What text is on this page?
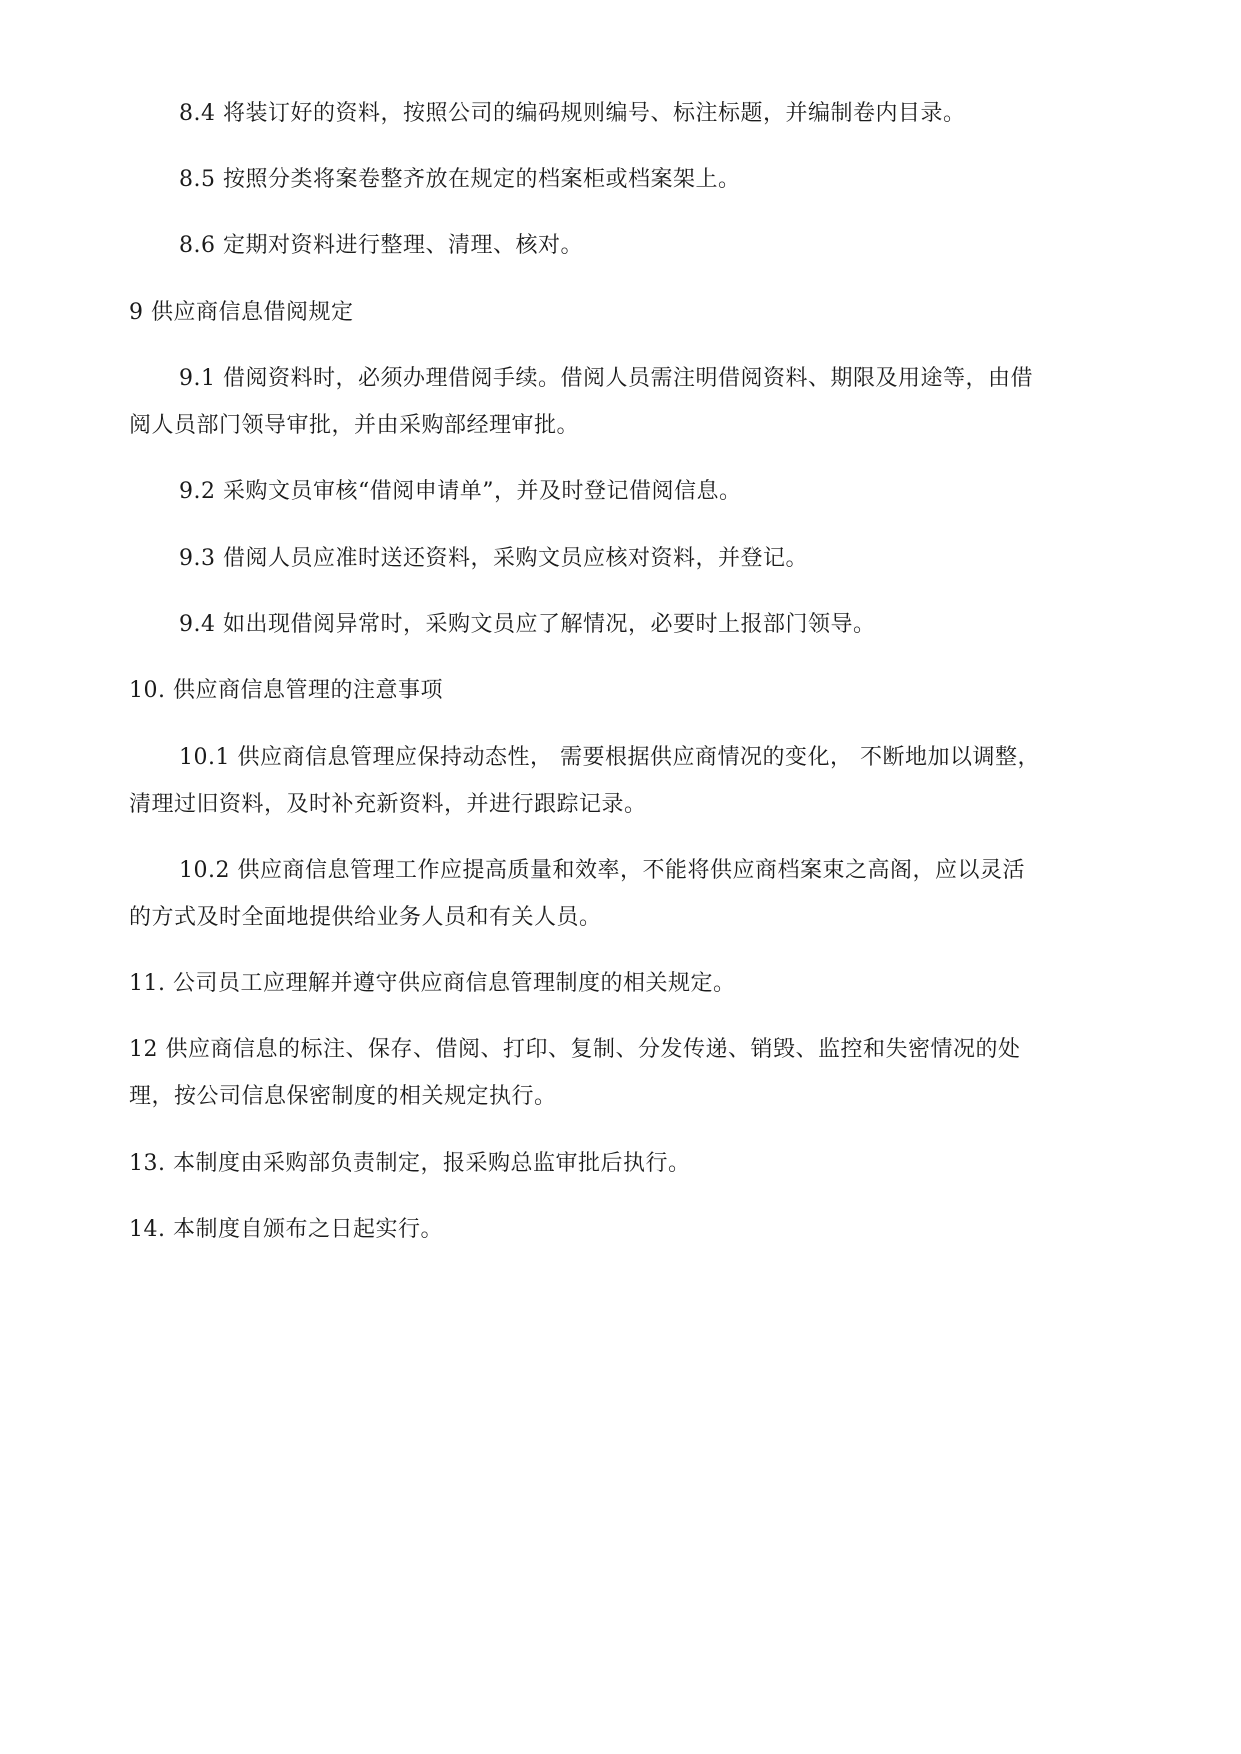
8.4 将装订好的资料，按照公司的编码规则编号、标注标题，并编制卷内目录。
8.5 按照分类将案卷整齐放在规定的档案柜或档案架上。
8.6 定期对资料进行整理、清理、核对。
9 供应商信息借阅规定
9.1 借阅资料时，必须办理借阅手续。借阅人员需注明借阅资料、期限及用途等，由借
阅人员部门领导审批，并由采购部经理审批。
9.2 采购文员审核“借阅申请单”，并及时登记借阅信息。
9.3 借阅人员应准时送还资料，采购文员应核对资料，并登记。
9.4 如出现借阅异常时，采购文员应了解情况，必要时上报部门领导。
10. 供应商信息管理的注意事项
10.1 供应商信息管理应保持动态性， 需要根据供应商情况的变化， 不断地加以调整，
清理过旧资料，及时补充新资料，并进行跟踪记录。
10.2 供应商信息管理工作应提高质量和效率，不能将供应商档案束之高阁，应以灵活
的方式及时全面地提供给业务人员和有关人员。
11. 公司员工应理解并遵守供应商信息管理制度的相关规定。
12 供应商信息的标注、保存、借阅、打印、复制、分发传递、销毁、监控和失密情况的处
理，按公司信息保密制度的相关规定执行。
13. 本制度由采购部负责制定，报采购总监审批后执行。
14. 本制度自颁布之日起实行。
